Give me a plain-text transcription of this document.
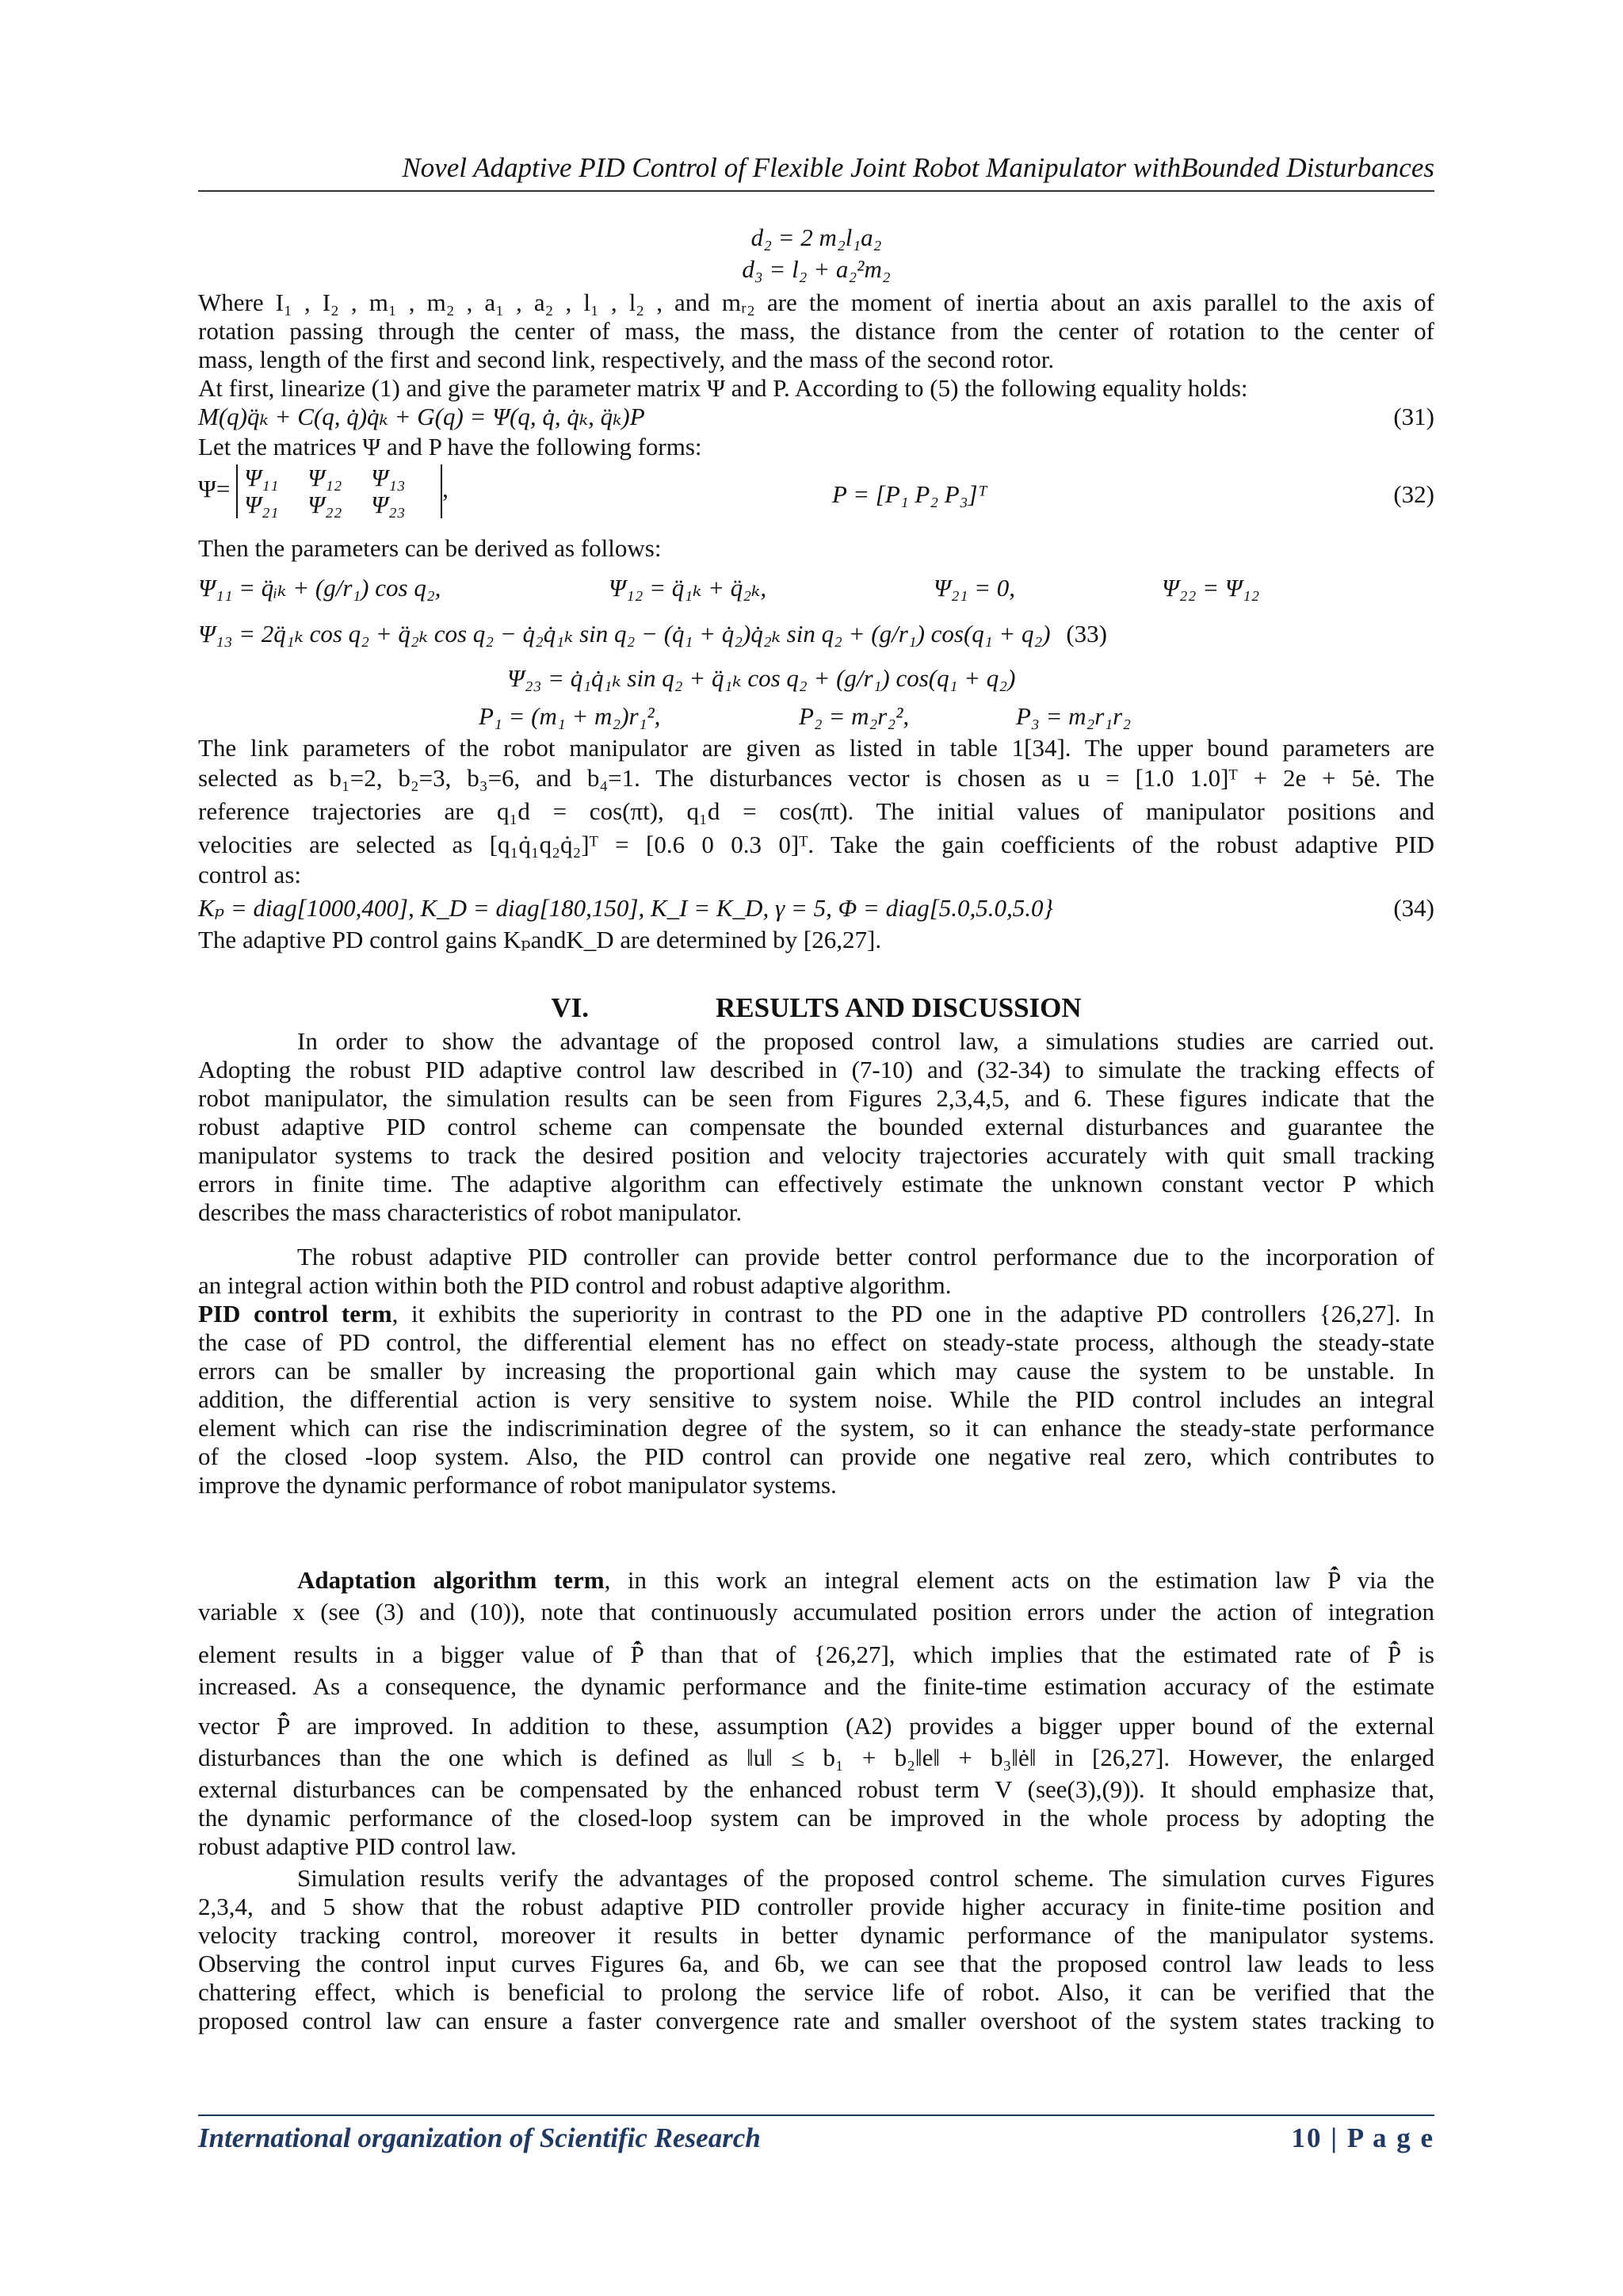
Novel Adaptive PID Control of Flexible Joint Robot Manipulator withBounded Disturbances
d₂ = 2 m₂l₁a₂
d₃ = l₂ + a₂²m₂
Where I₁ , I₂ , m₁ , m₂ , a₁ , a₂ , l₁ , l₂ , and mᵣ₂ are the moment of inertia about an axis parallel to the axis of
rotation passing through the center of mass, the mass, the distance from the center of rotation to the center of
mass, length of the first and second link, respectively, and the mass of the second rotor.
At first, linearize (1) and give the parameter matrix Ψ and P. According to (5) the following equality holds:
M(q)q̈ₖ + C(q, q̇)q̇ₖ + G(q) = Ψ(q, q̇, q̇ₖ, q̈ₖ)P	(31)
Let the matrices Ψ and P have the following forms:
Ψ= Ψ₁₁ Ψ₁₂ Ψ₁₃
Ψ₂₁ Ψ₂₂ Ψ₂₃
,	P = [P₁ P₂ P₃]ᵀ	(32)
Then the parameters can be derived as follows:
Ψ₁₁ = q̈ᵢₖ + (g/r₁) cos q₂,	Ψ₁₂ = q̈₁ₖ + q̈₂ₖ,	Ψ₂₁ = 0,	Ψ₂₂ = Ψ₁₂
Ψ₁₃ = 2q̈₁ₖ cos q₂ + q̈₂ₖ cos q₂ − q̇₂q̇₁ₖ sin q₂ − (q̇₁ + q̇₂)q̇₂ₖ sin q₂ + (g/r₁) cos(q₁ + q₂) (33)
Ψ₂₃ = q̇₁q̇₁ₖ sin q₂ + q̈₁ₖ cos q₂ + (g/r₁) cos(q₁ + q₂)
P₁ = (m₁ + m₂)r₁²,	P₂ = m₂r₂²,	P₃ = m₂r₁r₂
The link parameters of the robot manipulator are given as listed in table 1[34]. The upper bound parameters are
selected as b₁=2, b₂=3, b₃=6, and b₄=1. The disturbances vector is chosen as u = [1.0 1.0]ᵀ + 2e + 5ė. The
reference trajectories are q₁d = cos(πt), q₁d = cos(πt). The initial values of manipulator positions and
velocities are selected as [q₁q̇₁q₂q̇₂]ᵀ = [0.6 0 0.3 0]ᵀ. Take the gain coefficients of the robust adaptive PID
control as:
Kₚ = diag[1000,400], K_D = diag[180,150], K_I = K_D, γ = 5, Φ = diag[5.0,5.0,5.0}	(34)
The adaptive PD control gains KₚandK_D are determined by [26,27].
VI.	RESULTS AND DISCUSSION
In order to show the advantage of the proposed control law, a simulations studies are carried out.
Adopting the robust PID adaptive control law described in (7-10) and (32-34) to simulate the tracking effects of
robot manipulator, the simulation results can be seen from Figures 2,3,4,5, and 6. These figures indicate that the
robust adaptive PID control scheme can compensate the bounded external disturbances and guarantee the
manipulator systems to track the desired position and velocity trajectories accurately with quit small tracking
errors in finite time. The adaptive algorithm can effectively estimate the unknown constant vector P which
describes the mass characteristics of robot manipulator.
The robust adaptive PID controller can provide better control performance due to the incorporation of
an integral action within both the PID control and robust adaptive algorithm.
PID control term, it exhibits the superiority in contrast to the PD one in the adaptive PD controllers {26,27]. In
the case of PD control, the differential element has no effect on steady-state process, although the steady-state
errors can be smaller by increasing the proportional gain which may cause the system to be unstable. In
addition, the differential action is very sensitive to system noise. While the PID control includes an integral
element which can rise the indiscrimination degree of the system, so it can enhance the steady-state performance
of the closed -loop system. Also, the PID control can provide one negative real zero, which contributes to
improve the dynamic performance of robot manipulator systems.
Adaptation algorithm term, in this work an integral element acts on the estimation law P̂̇ via the
variable x (see (3) and (10)), note that continuously accumulated position errors under the action of integration
element results in a bigger value of P̂̇ than that of {26,27], which implies that the estimated rate of P̂̇ is
increased. As a consequence, the dynamic performance and the finite-time estimation accuracy of the estimate
vector P̂̇ are improved. In addition to these, assumption (A2) provides a bigger upper bound of the external
disturbances than the one which is defined as ‖u‖ ≤ b₁ + b₂‖e‖ + b₃‖ė‖ in [26,27]. However, the enlarged
external disturbances can be compensated by the enhanced robust term V (see(3),(9)). It should emphasize that,
the dynamic performance of the closed-loop system can be improved in the whole process by adopting the
robust adaptive PID control law.
Simulation results verify the advantages of the proposed control scheme. The simulation curves Figures
2,3,4, and 5 show that the robust adaptive PID controller provide higher accuracy in finite-time position and
velocity tracking control, moreover it results in better dynamic performance of the manipulator systems.
Observing the control input curves Figures 6a, and 6b, we can see that the proposed control law leads to less
chattering effect, which is beneficial to prolong the service life of robot. Also, it can be verified that the
proposed control law can ensure a faster convergence rate and smaller overshoot of the system states tracking to
International organization of Scientific Research	10 | P a g e
